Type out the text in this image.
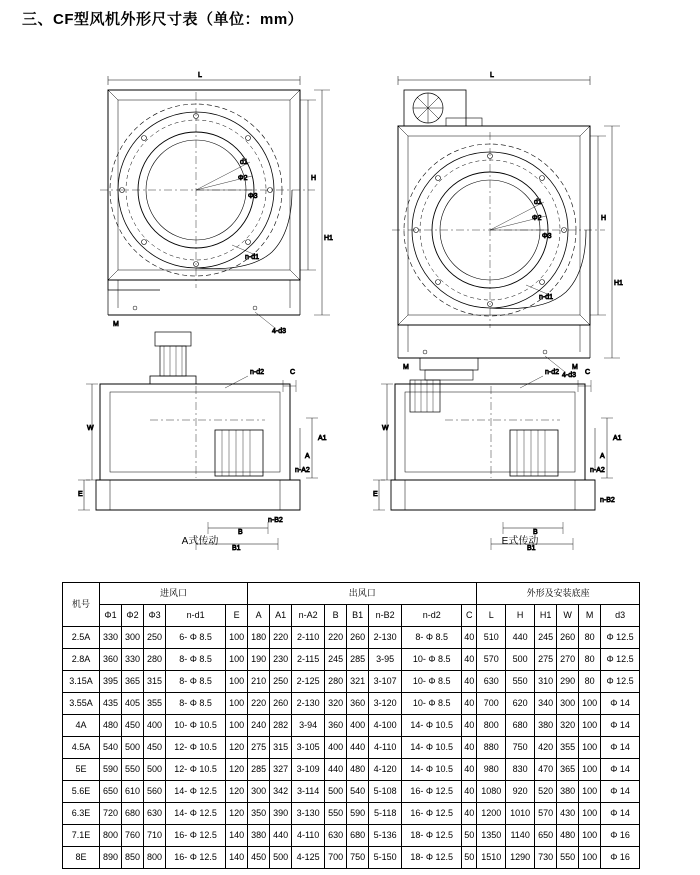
三、CF型风机外形尺寸表（单位：mm）
L
d1
Φ2
Φ3
n-d1
H
H1
M
4-d3
L
d1
Φ2
Φ3
n-d1
H
H1
M	M
4-d3
n-d2	C
W
E
A1
A
n-A2
n-B2
B
B1
n-d2	C
W
E
A1
A
n-A2
n-B2
B
B1
A式传动	E式传动
机号	进风口					出风口								外形及安装底座					
	Φ1	Φ2	Φ3	n-d1	E	A	A1	n-A2	B	B1	n-B2	n-d2	C	L	H	H1	W	M	d3
2.5A	330	300	250	6- Φ 8.5	100	180	220	2-110	220	260	2-130	8- Φ 8.5	40	510	440	245	260	80	Φ 12.5
2.8A	360	330	280	8- Φ 8.5	100	190	230	2-115	245	285	3-95	10- Φ 8.5	40	570	500	275	270	80	Φ 12.5
3.15A	395	365	315	8- Φ 8.5	100	210	250	2-125	280	321	3-107	10- Φ 8.5	40	630	550	310	290	80	Φ 12.5
3.55A	435	405	355	8- Φ 8.5	100	220	260	2-130	320	360	3-120	10- Φ 8.5	40	700	620	340	300	100	Φ 14
4A	480	450	400	10- Φ 10.5	100	240	282	3-94	360	400	4-100	14- Φ 10.5	40	800	680	380	320	100	Φ 14
4.5A	540	500	450	12- Φ 10.5	120	275	315	3-105	400	440	4-110	14- Φ 10.5	40	880	750	420	355	100	Φ 14
5E	590	550	500	12- Φ 10.5	120	285	327	3-109	440	480	4-120	14- Φ 10.5	40	980	830	470	365	100	Φ 14
5.6E	650	610	560	14- Φ 12.5	120	300	342	3-114	500	540	5-108	16- Φ 12.5	40	1080	920	520	380	100	Φ 14
6.3E	720	680	630	14- Φ 12.5	120	350	390	3-130	550	590	5-118	16- Φ 12.5	40	1200	1010	570	430	100	Φ 14
7.1E	800	760	710	16- Φ 12.5	140	380	440	4-110	630	680	5-136	18- Φ 12.5	50	1350	1140	650	480	100	Φ 16
8E	890	850	800	16- Φ 12.5	140	450	500	4-125	700	750	5-150	18- Φ 12.5	50	1510	1290	730	550	100	Φ 16
